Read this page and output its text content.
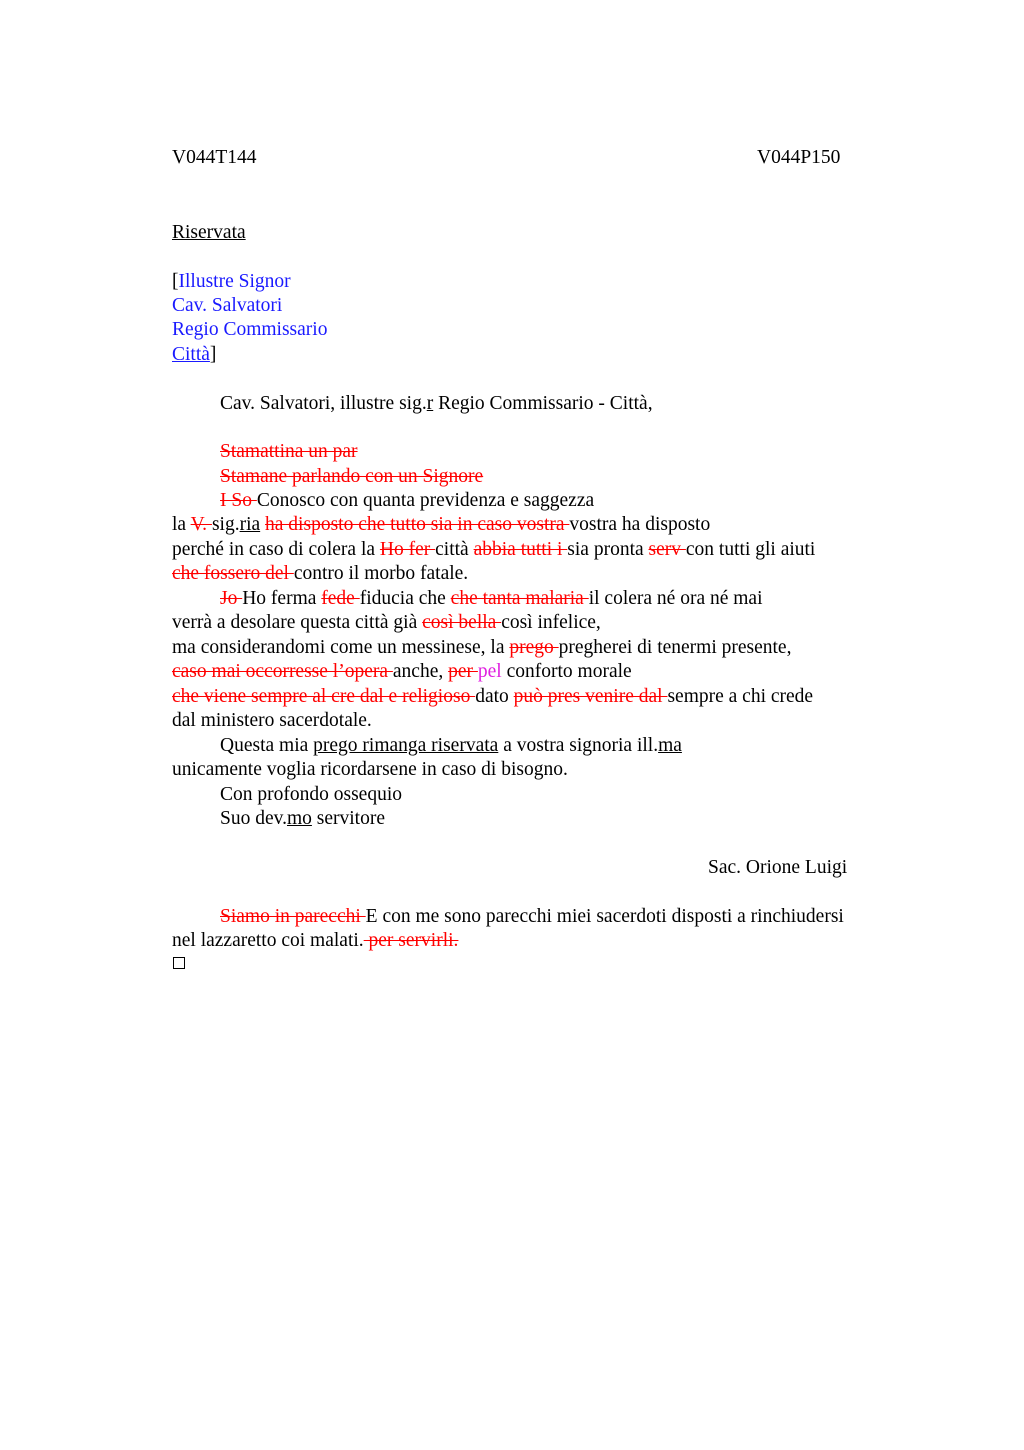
V044T144	V044P150
Riservata
[Illustre Signor
Cav. Salvatori
Regio Commissario
Città]
Cav. Salvatori, illustre sig.r Regio Commissario - Città,
Stamattina un par
Stamane parlando con un Signore
I So Conosco con quanta previdenza e saggezza
la V. sig.ria ha disposto che tutto sia in caso vostra vostra ha disposto
perché in caso di colera la Ho fer città abbia tutti i sia pronta serv con tutti gli aiuti
che fossero del contro il morbo fatale.
Jo Ho ferma fede fiducia che che tanta malaria il colera né ora né mai
verrà a desolare questa città già così bella così infelice,
ma considerandomi come un messinese, la prego pregherei di tenermi presente,
caso mai occorresse l’opera anche, per pel conforto morale
che viene sempre al cre dal e religioso dato può pres venire dal sempre a chi crede
dal ministero sacerdotale.
Questa mia prego rimanga riservata a vostra signoria ill.ma
unicamente voglia ricordarsene in caso di bisogno.
Con profondo ossequio
Suo dev.mo servitore
Sac. Orione Luigi
Siamo in parecchi E con me sono parecchi miei sacerdoti disposti a rinchiudersi
nel lazzaretto coi malati. per servirli.
